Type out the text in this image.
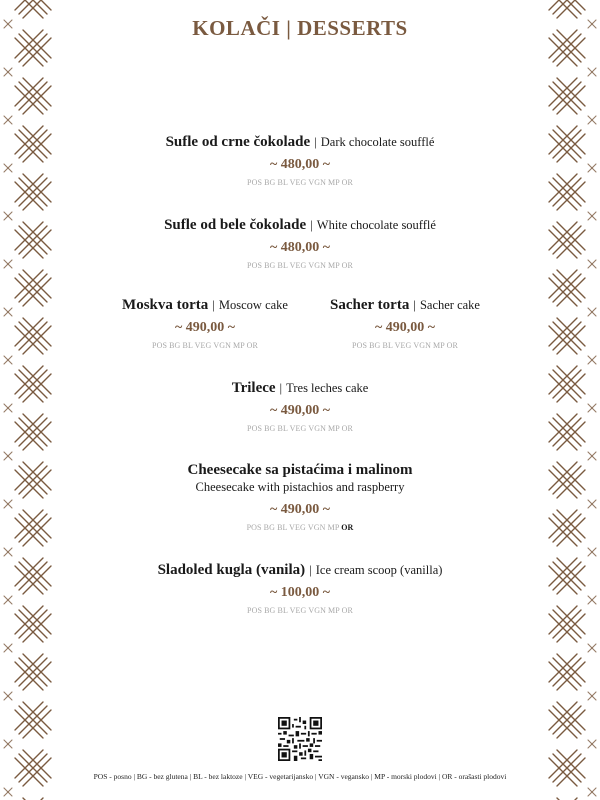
KOLAČI | DESSERTS
Sufle od crne čokolade | Dark chocolate soufflé
~ 480,00 ~
POS BG BL VEG VGN MP OR
Sufle od bele čokolade | White chocolate soufflé
~ 480,00 ~
POS BG BL VEG VGN MP OR
Moskva torta | Moscow cake
~ 490,00 ~
POS BG BL VEG VGN MP OR
Sacher torta | Sacher cake
~ 490,00 ~
POS BG BL VEG VGN MP OR
Trilece | Tres leches cake
~ 490,00 ~
POS BG BL VEG VGN MP OR
Cheesecake sa pistaćima i malinom
Cheesecake with pistachios and raspberry
~ 490,00 ~
POS BG BL VEG VGN MP OR
Sladoled kugla (vanila) | Ice cream scoop (vanilla)
~ 100,00 ~
POS BG BL VEG VGN MP OR
POS - posno | BG - bez glutena | BL - bez laktoze | VEG - vegetarijansko | VGN - vegansko | MP - morski plodovi | OR - orašasti plodovi
